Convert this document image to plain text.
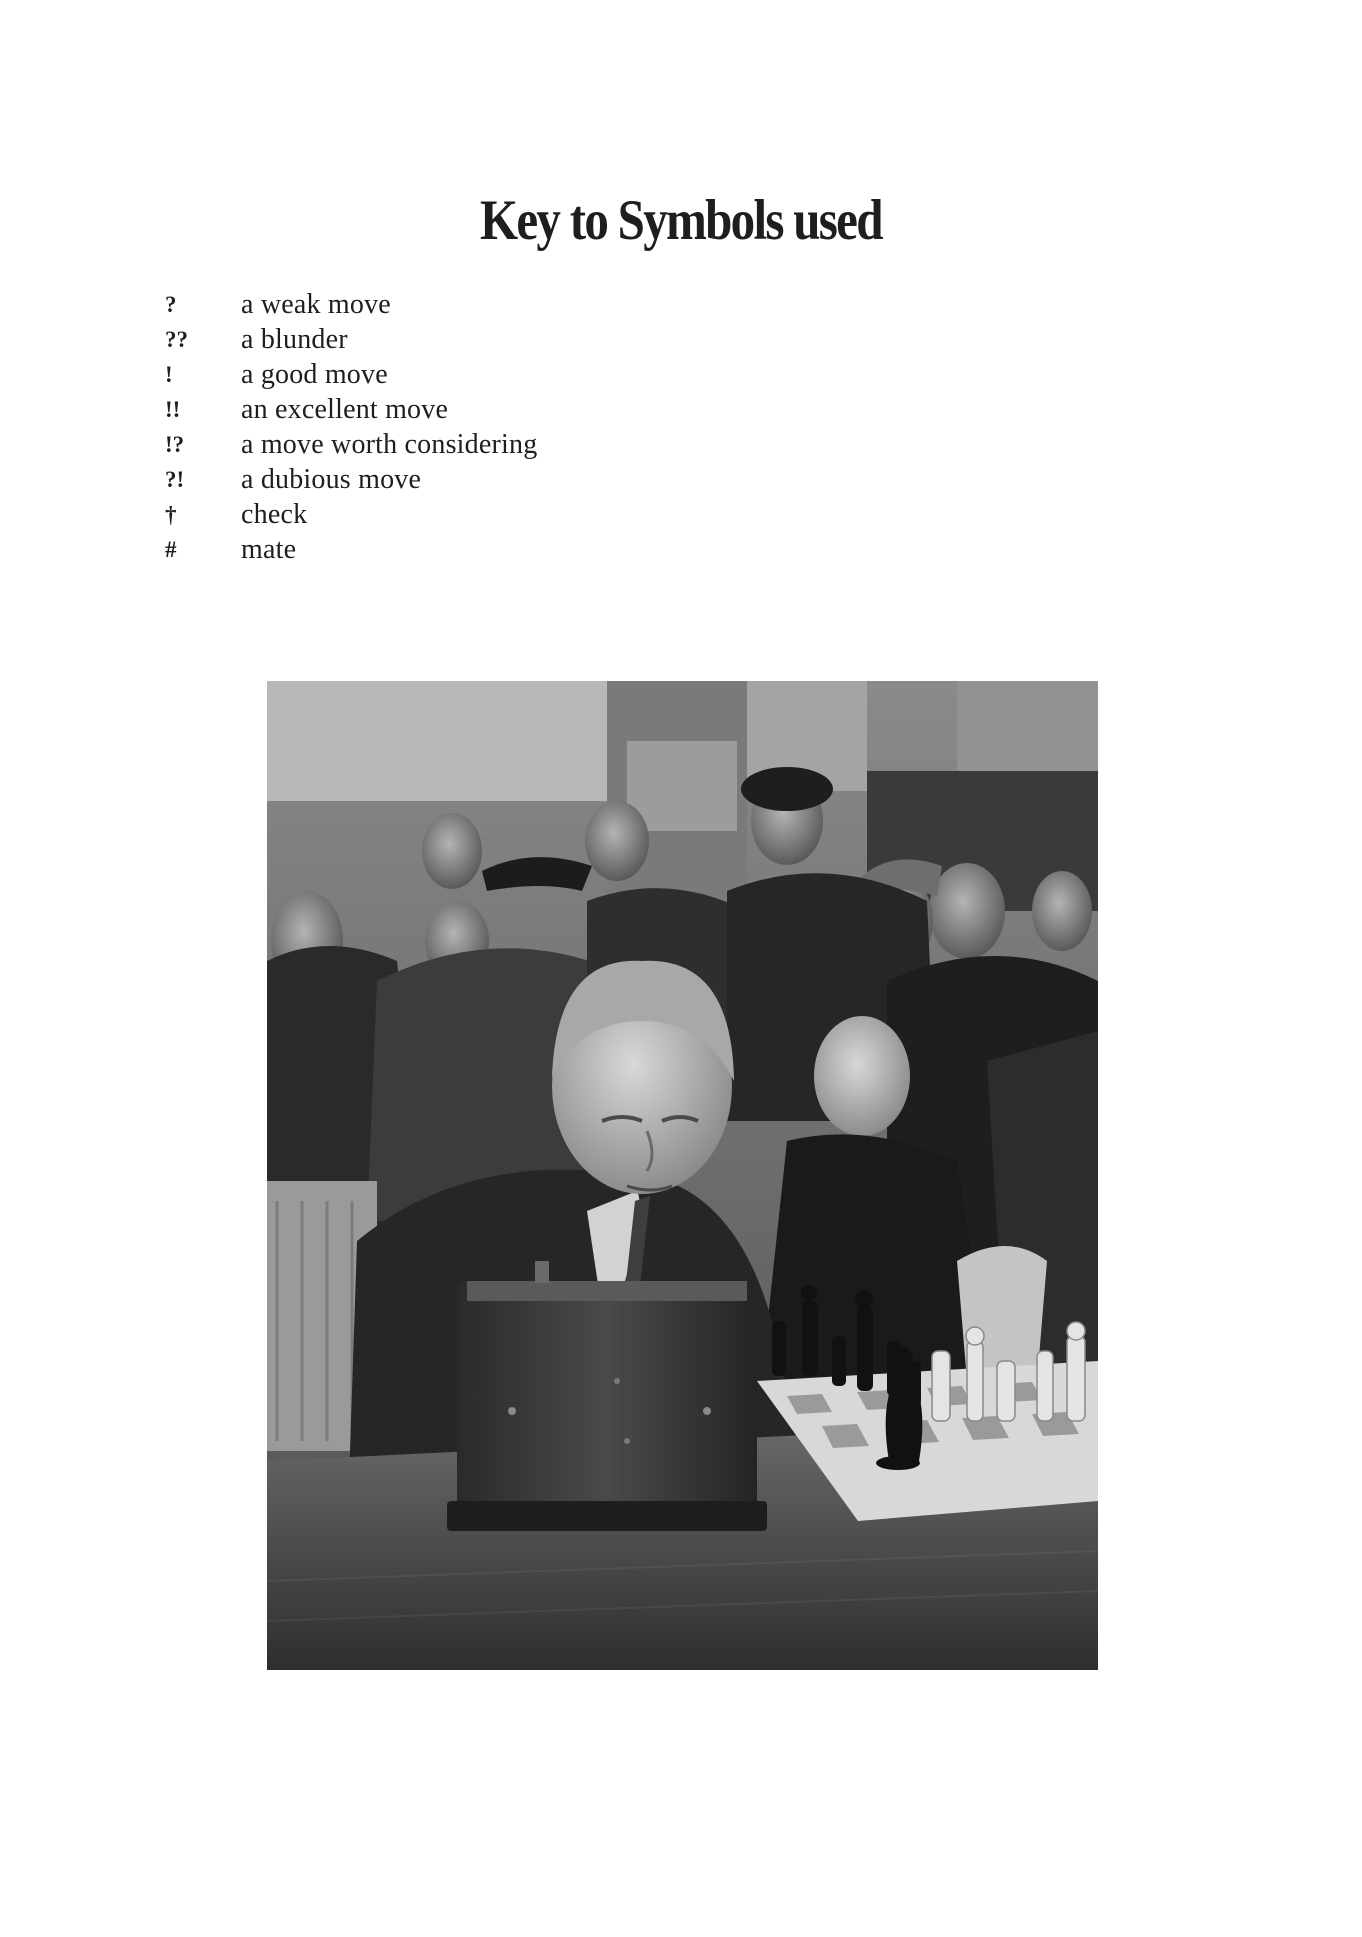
Key to Symbols used
?	a weak move
??	a blunder
!	a good move
!!	an excellent move
!?	a move worth considering
?!	a dubious move
†	check
#	mate
